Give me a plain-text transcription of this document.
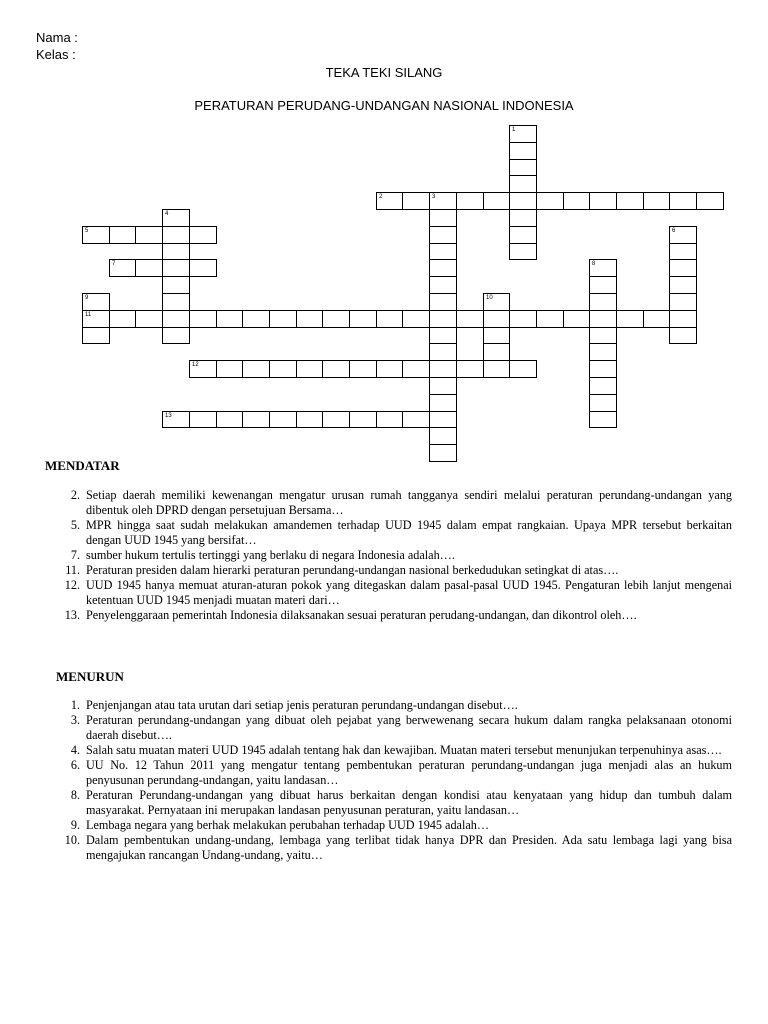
Nama :
Kelas :
TEKA TEKI SILANG
PERATURAN PERUDANG-UNDANGAN NASIONAL INDONESIA
1
2	3
4
5	6
7	8
9
11
10
12
13
MENDATAR
2. Setiap daerah memiliki kewenangan mengatur urusan rumah tangganya sendiri melalui peraturan perundang-undangan yang dibentuk oleh DPRD dengan persetujuan Bersama…
5. MPR hingga saat sudah melakukan amandemen terhadap UUD 1945 dalam empat rangkaian. Upaya MPR tersebut berkaitan dengan UUD 1945 yang bersifat…
7. sumber hukum tertulis tertinggi yang berlaku di negara Indonesia adalah….
11. Peraturan presiden dalam hierarki peraturan perundang-undangan nasional berkedudukan setingkat di atas….
12. UUD 1945 hanya memuat aturan-aturan pokok yang ditegaskan dalam pasal-pasal UUD 1945. Pengaturan lebih lanjut mengenai ketentuan UUD 1945 menjadi muatan materi dari…
13. Penyelenggaraan pemerintah Indonesia dilaksanakan sesuai peraturan perudang-undangan, dan dikontrol oleh….
MENURUN
1. Penjenjangan atau tata urutan dari setiap jenis peraturan perundang-undangan disebut….
3. Peraturan perundang-undangan yang dibuat oleh pejabat yang berwewenang secara hukum dalam rangka pelaksanaan otonomi daerah disebut….
4. Salah satu muatan materi UUD 1945 adalah tentang hak dan kewajiban. Muatan materi tersebut menunjukan terpenuhinya asas….
6. UU No. 12 Tahun 2011 yang mengatur tentang pembentukan peraturan perundang-undangan juga menjadi alas an hukum penyusunan perundang-undangan, yaitu landasan…
8. Peraturan Perundang-undangan yang dibuat harus berkaitan dengan kondisi atau kenyataan yang hidup dan tumbuh dalam masyarakat. Pernyataan ini merupakan landasan penyusunan peraturan, yaitu landasan…
9. Lembaga negara yang berhak melakukan perubahan terhadap UUD 1945 adalah…
10. Dalam pembentukan undang-undang, lembaga yang terlibat tidak hanya DPR dan Presiden. Ada satu lembaga lagi yang bisa mengajukan rancangan Undang-undang, yaitu…
